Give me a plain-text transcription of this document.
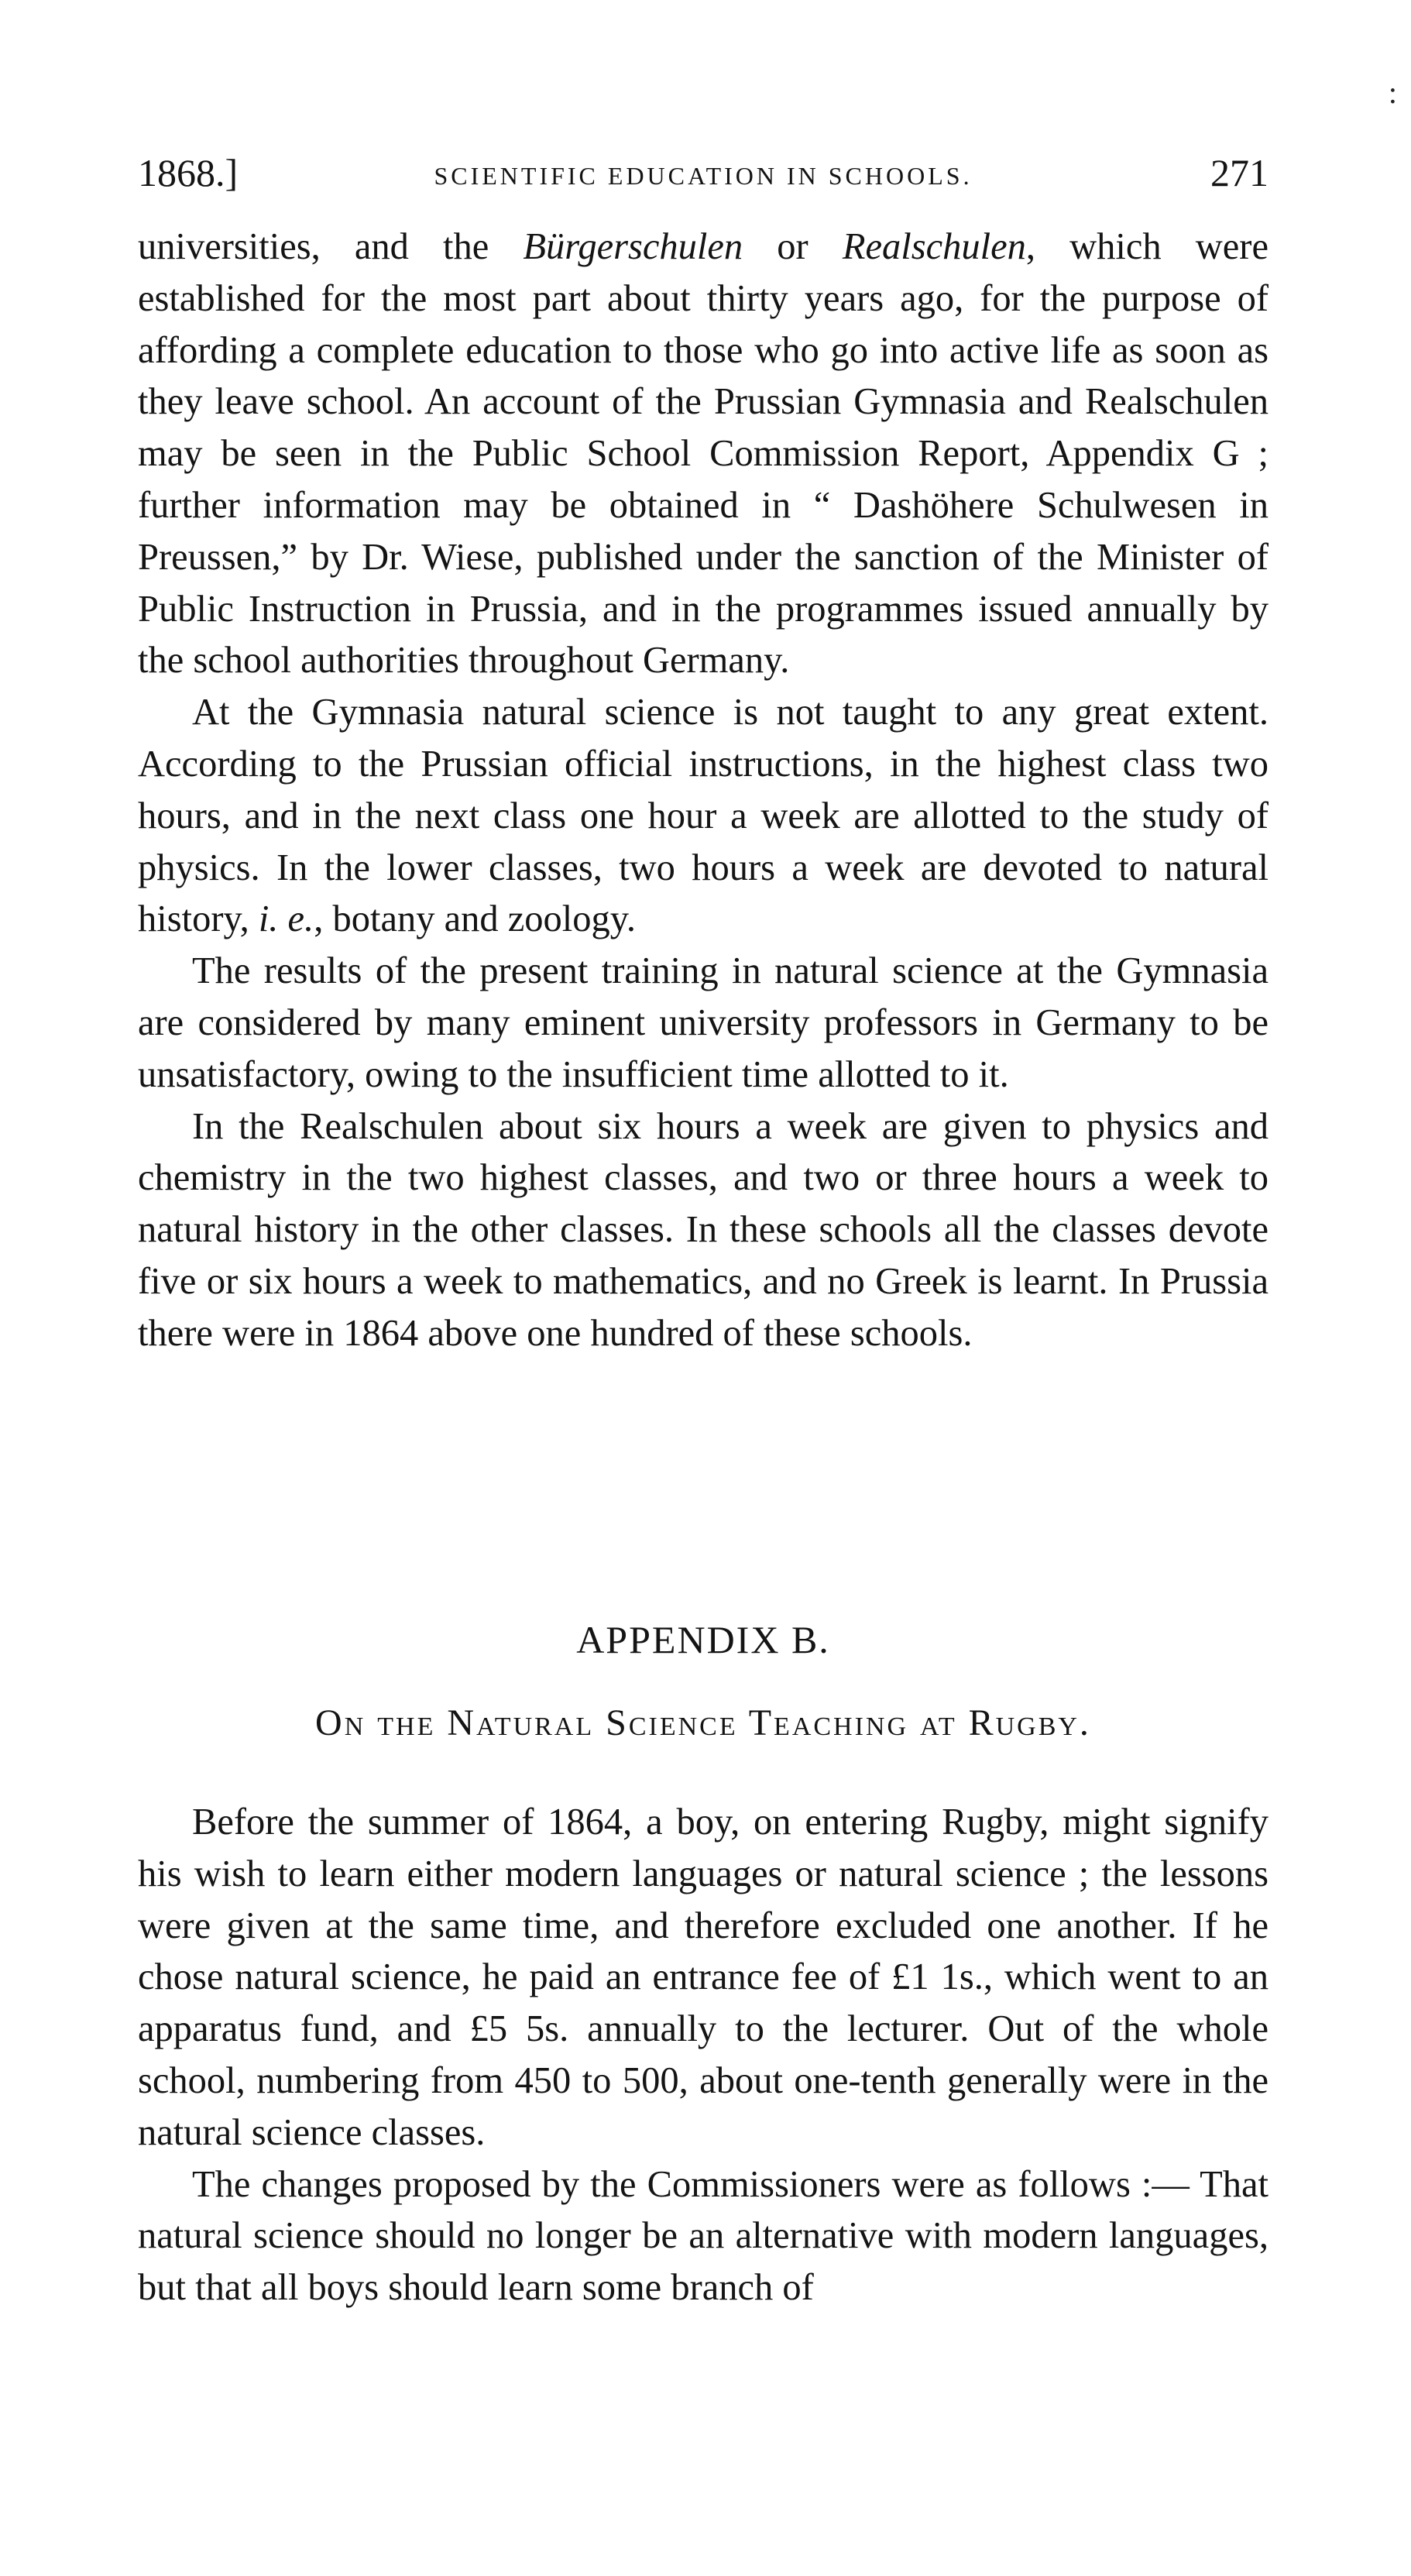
:
1868.]	SCIENTIFIC EDUCATION IN SCHOOLS.	271

universities, and the Bürgerschulen or Realschulen, which were established for the most part about thirty years ago, for the purpose of affording a complete education to those who go into active life as soon as they leave school. An account of the Prussian Gymnasia and Realschulen may be seen in the Public School Commission Report, Appendix G ; further information may be obtained in “ Dashöhere Schulwesen in Preussen,” by Dr. Wiese, published under the sanction of the Minister of Public Instruction in Prussia, and in the programmes issued annually by the school authorities throughout Germany.

At the Gymnasia natural science is not taught to any great extent. According to the Prussian official instructions, in the highest class two hours, and in the next class one hour a week are allotted to the study of physics. In the lower classes, two hours a week are devoted to natural history, i. e., botany and zoology.

The results of the present training in natural science at the Gymnasia are considered by many eminent university professors in Germany to be unsatisfactory, owing to the insufficient time allotted to it.

In the Realschulen about six hours a week are given to physics and chemistry in the two highest classes, and two or three hours a week to natural history in the other classes. In these schools all the classes devote five or six hours a week to mathematics, and no Greek is learnt. In Prussia there were in 1864 above one hundred of these schools.

APPENDIX B.
On the Natural Science Teaching at Rugby.

Before the summer of 1864, a boy, on entering Rugby, might signify his wish to learn either modern languages or natural science ; the lessons were given at the same time, and therefore excluded one another. If he chose natural science, he paid an entrance fee of £1 1s., which went to an apparatus fund, and £5 5s. annually to the lecturer. Out of the whole school, numbering from 450 to 500, about one-tenth generally were in the natural science classes.

The changes proposed by the Commissioners were as follows :— That natural science should no longer be an alternative with modern languages, but that all boys should learn some branch of
